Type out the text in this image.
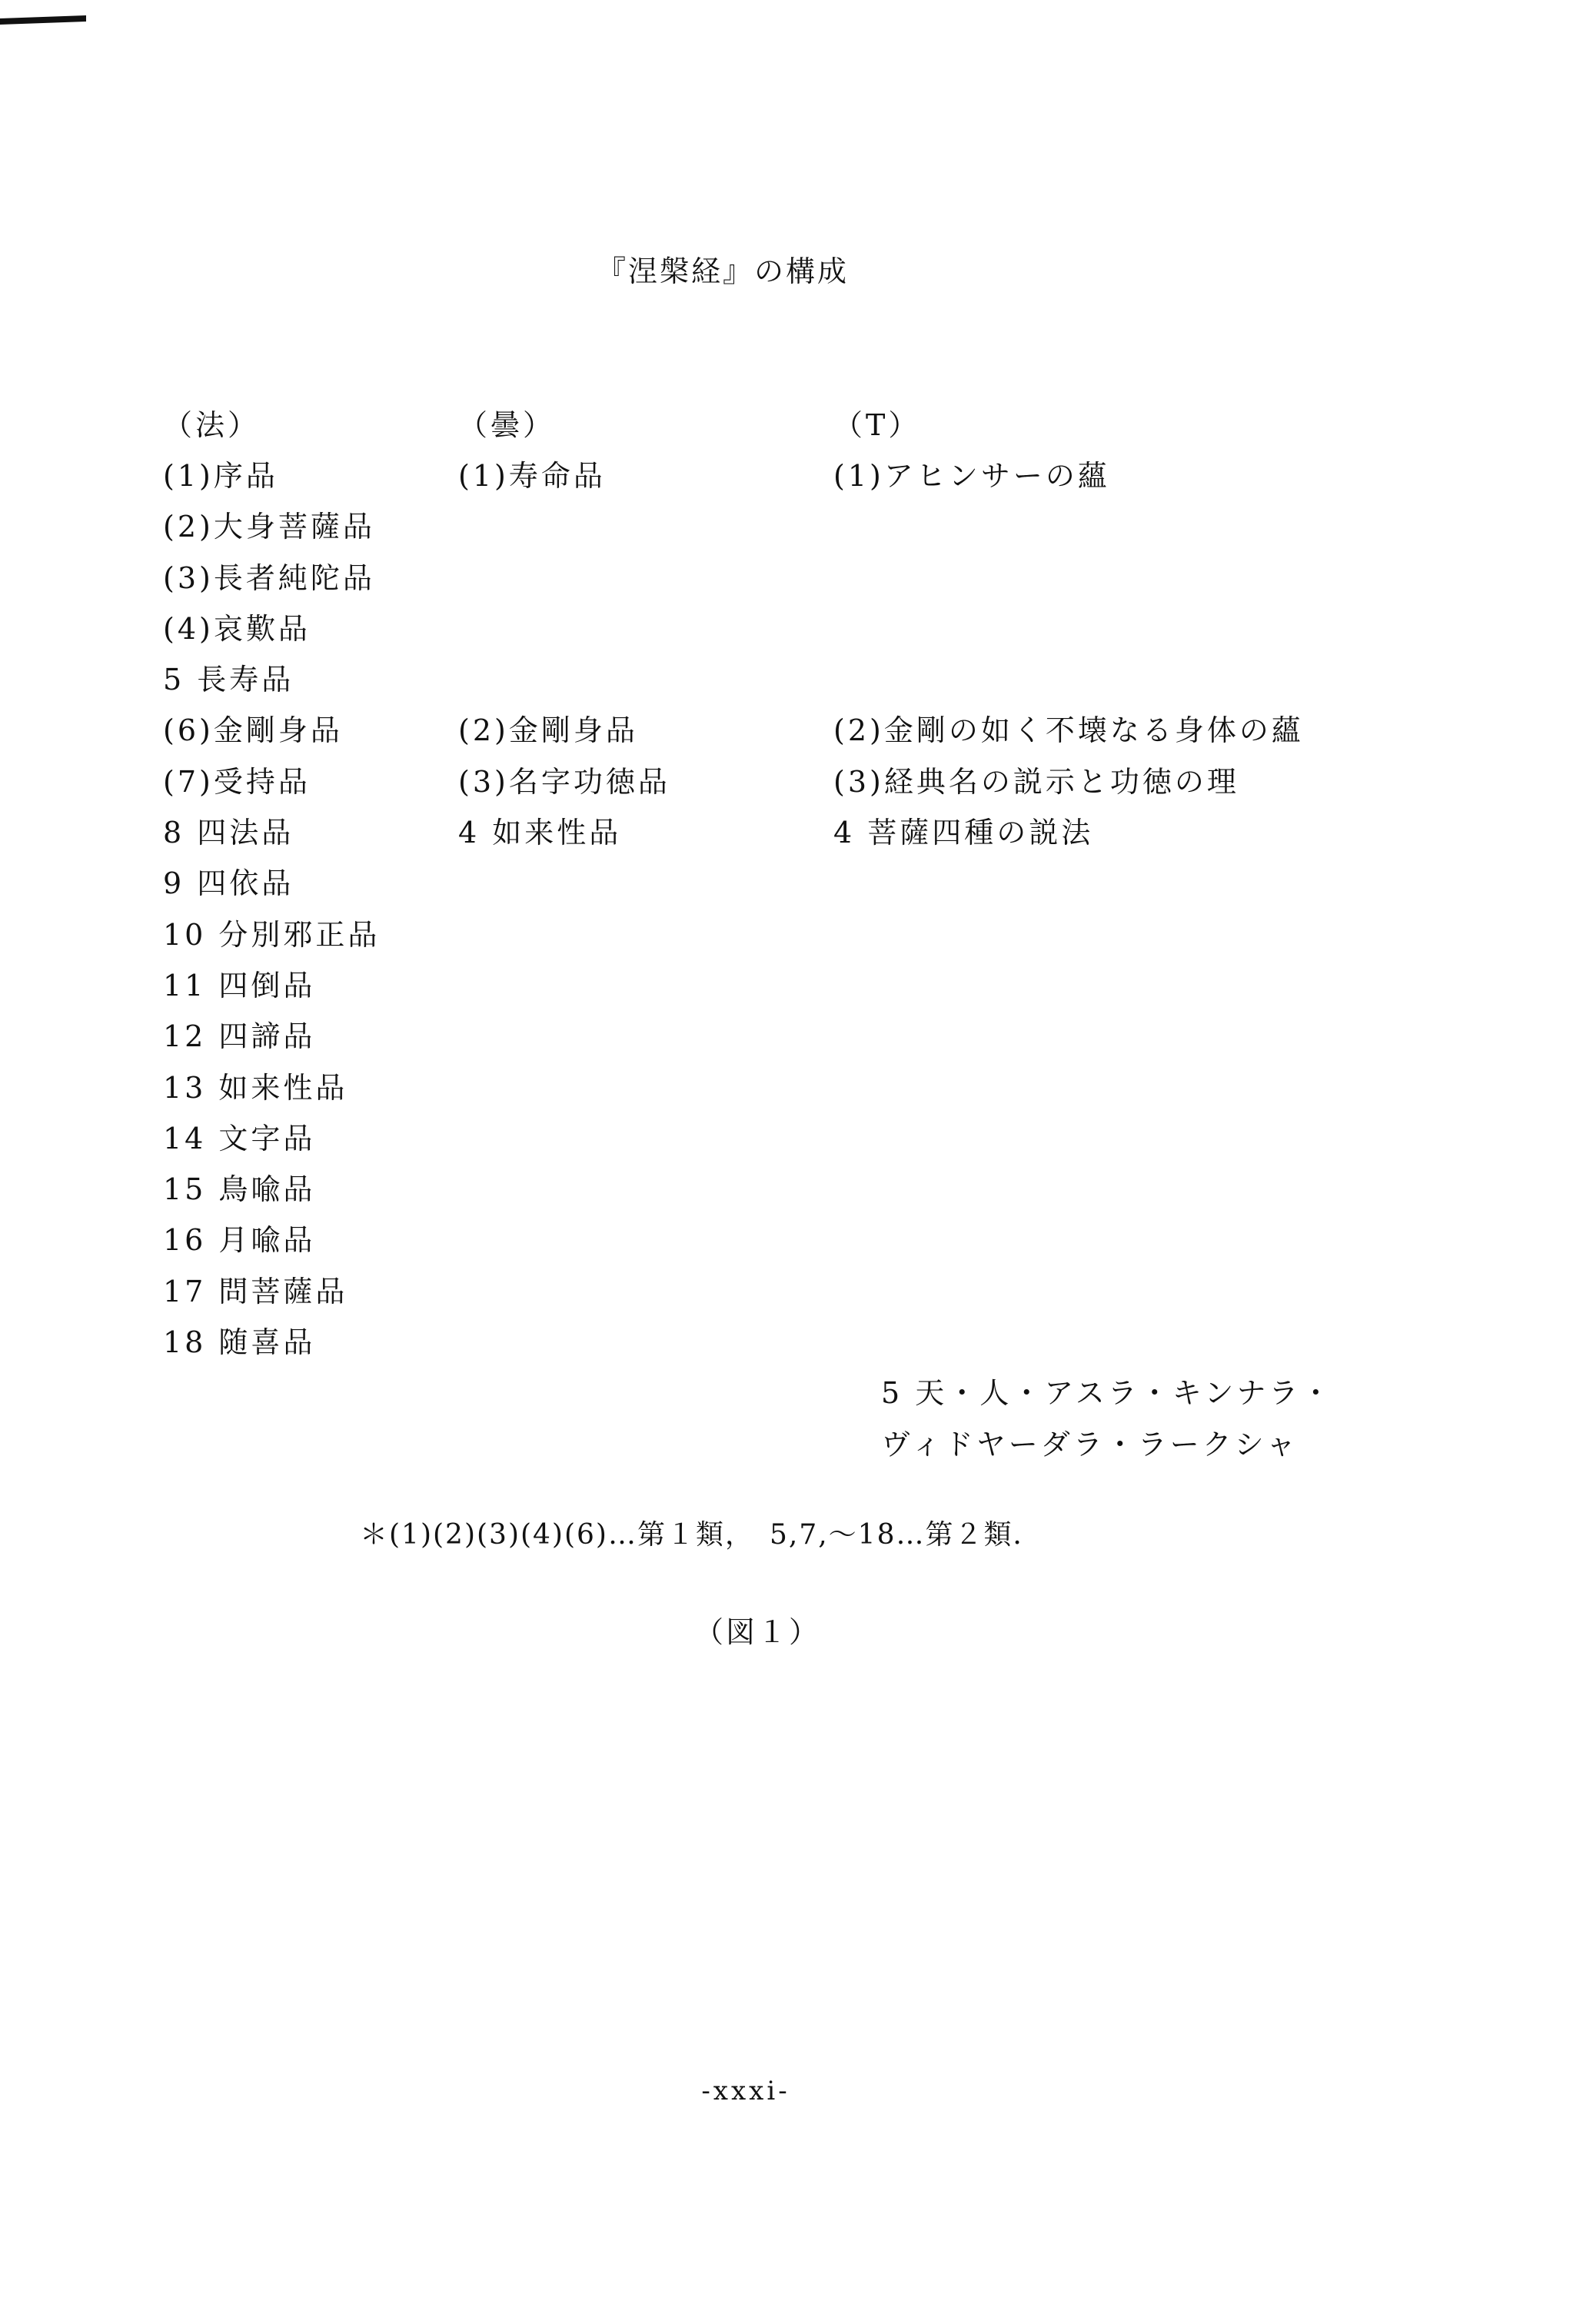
『涅槃経』の構成
（法）
(1)序品
(2)大身菩薩品
(3)長者純陀品
(4)哀歎品
5 長寿品
(6)金剛身品
(7)受持品
8 四法品
9 四依品
10 分別邪正品
11 四倒品
12 四諦品
13 如来性品
14 文字品
15 鳥喩品
16 月喩品
17 問菩薩品
18 随喜品
（曇）
(1)寿命品
(2)金剛身品
(3)名字功徳品
4 如来性品
（T）
(1)アヒンサーの蘊
(2)金剛の如く不壊なる身体の蘊
(3)経典名の説示と功徳の理
4 菩薩四種の説法
5 天・人・アスラ・キンナラ・
ヴィドヤーダラ・ラークシャ
＊(1)(2)(3)(4)(6)…第１類，　5,7,～18…第２類．
（図１）
-xxxi-
